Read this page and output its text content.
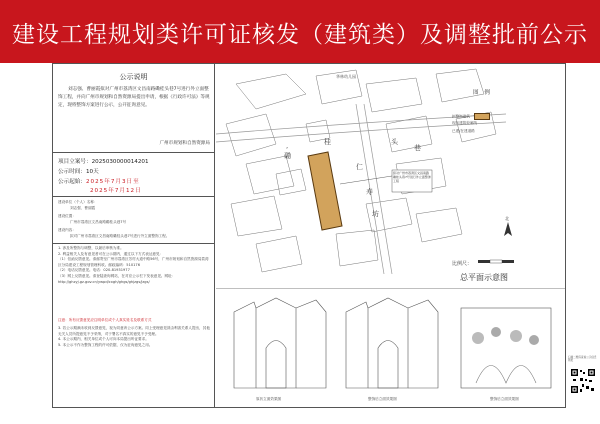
建设工程规划类许可证核发（建筑类）及调整批前公示
公示说明
刘志强、曹丽霞拟对广州市荔湾区文昌南路磡桂头巷7号进行外立面整饰工程，并向广州市规划和自然资源局提出申请，根据《行政许可法》等规定，现将整饰方案进行公示，公开征询意见。
广州市规划和自然资源局
项目立案号：2025030000014201
公示时间：10天
公示起始：2025年7月3日至
2025年7月12日
建设单位（个人）名称：
刘志强、曹丽霞
建设位置：
广州市荔湾区文昌南路磡桂头巷7号
建设内容：
拟对广州市荔湾区文昌南路磡桂头巷7号进行外立面整饰工程。
1. 涉及所整饰与调整，以最后审核为准。
2. 利益相关人及有意见者可在公示期内，通过以下方式表达意见：
（1）信函反馈意见。请邮寄至广州市荔湾区芳村大道中路56号，广州市规划和自然资源局荔湾区分局建设工程规划管理科收。邮政编码：510176
（2）电话反馈意见。电话：020-81931977
（3）网上反馈意见。请登陆查询网站，在对应公示栏下发表意见。网址：http://ghzyj.gz.gov.cn/ywpd/cxgh/ghgs/ghjzgs/jzgs/
注意：所有反馈意见应注明单位或个人真实姓名及联系方式
3. 若公示期满未收到反馈意见，视为同意该公示方案。同上受理意见须由利害关系人提出，其他无关人员所提意见不予采纳，对于署名不真实的意见不予受理。
4. 本公示期内，相关单位或个人可向本局提出听证要求。
5. 本公示不作为整饰工程的许可依据，仅为征询意见之用。
华林幼儿园
巷
头
桂
磡
仁
寿
坊
7
拟对广州市荔湾区文昌南路磡桂头巷7号进行外立面整饰工程
北
图　例
拟整饰建筑
现状建筑轮廓线
已建/在建道路
比例尺：
总平面示意图
原状立面效果图	整饰后立面效果图	整饰后立面效果图
扫描二维码查看公示信息网址
